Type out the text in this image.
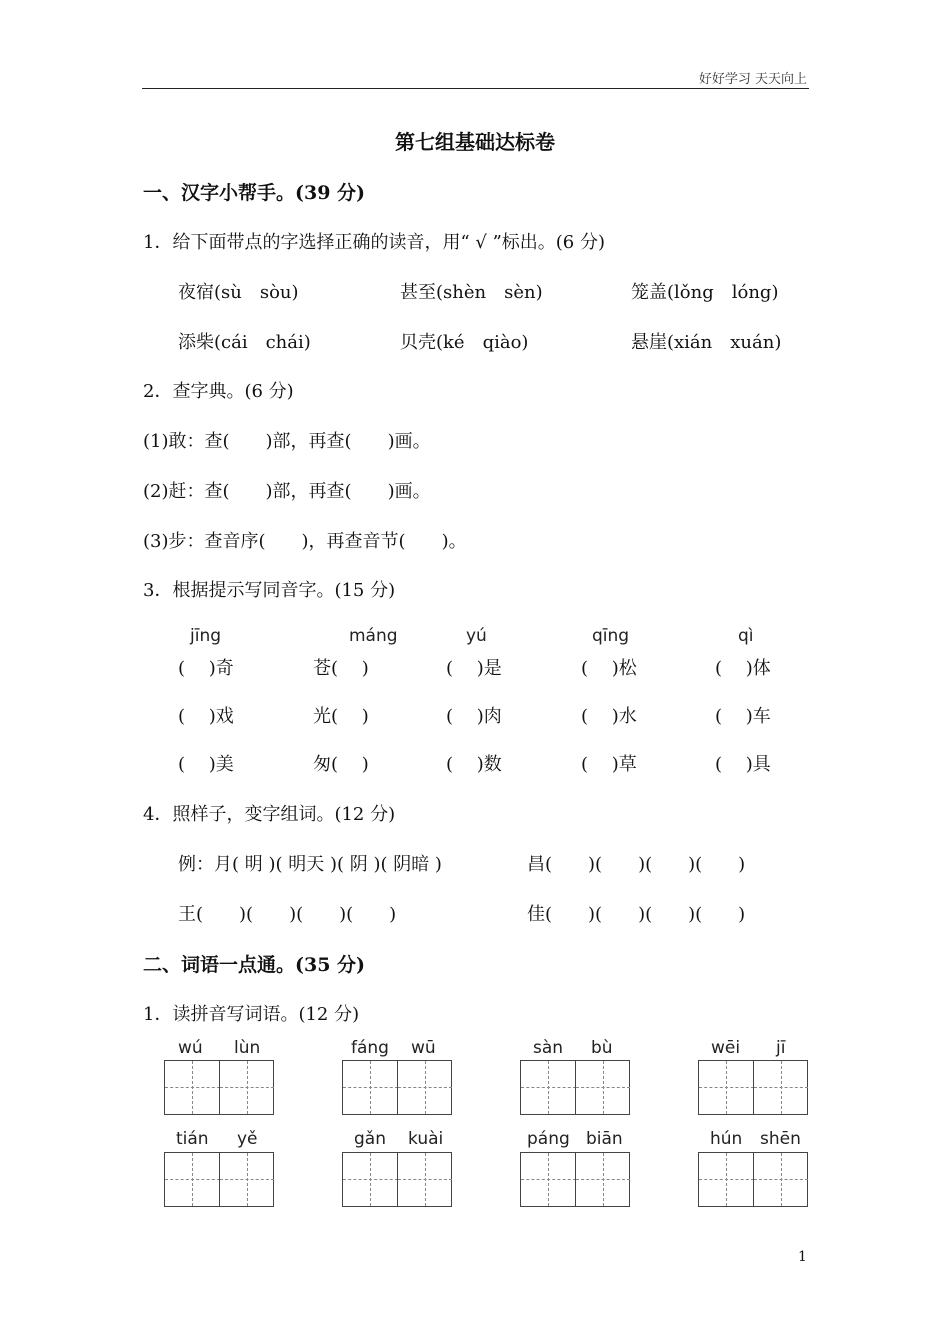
好好学习 天天向上
第七组基础达标卷
一、汉字小帮手。(39 分)
1．给下面带点的字选择正确的读音，用“ √ ”标出。(6 分)
夜宿(sù　sòu)	甚至(shèn　sèn)	笼盖(lǒng　lóng)
添柴(cái　chái)	贝壳(ké　qiào)	悬崖(xián　xuán)
2．查字典。(6 分)
(1)敢：查(　　)部，再查(　　)画。
(2)赶：查(　　)部，再查(　　)画。
(3)步：查音序(　　)，再查音节(　　)。
3．根据提示写同音字。(15 分)
jīng	máng	yú	qīng	qì
(　 )奇	苍(　 )	(　 )是	(　 )松	(　 )体
(　 )戏	光(　 )	(　 )肉	(　 )水	(　 )车
(　 )美	匆(　 )	(　 )数	(　 )草	(　 )具
4．照样子，变字组词。(12 分)
例：月( 明 )( 明天 )( 阴 )( 阴暗 )	昌(　　)(　　)(　　)(　　)
王(　　)(　　)(　　)(　　)	佳(　　)(　　)(　　)(　　)
二、词语一点通。(35 分)
1．读拼音写词语。(12 分)
wú lùn	fáng wū	sàn bù	wēi jī
tián yě	gǎn kuài	páng biān	hún shēn
1
